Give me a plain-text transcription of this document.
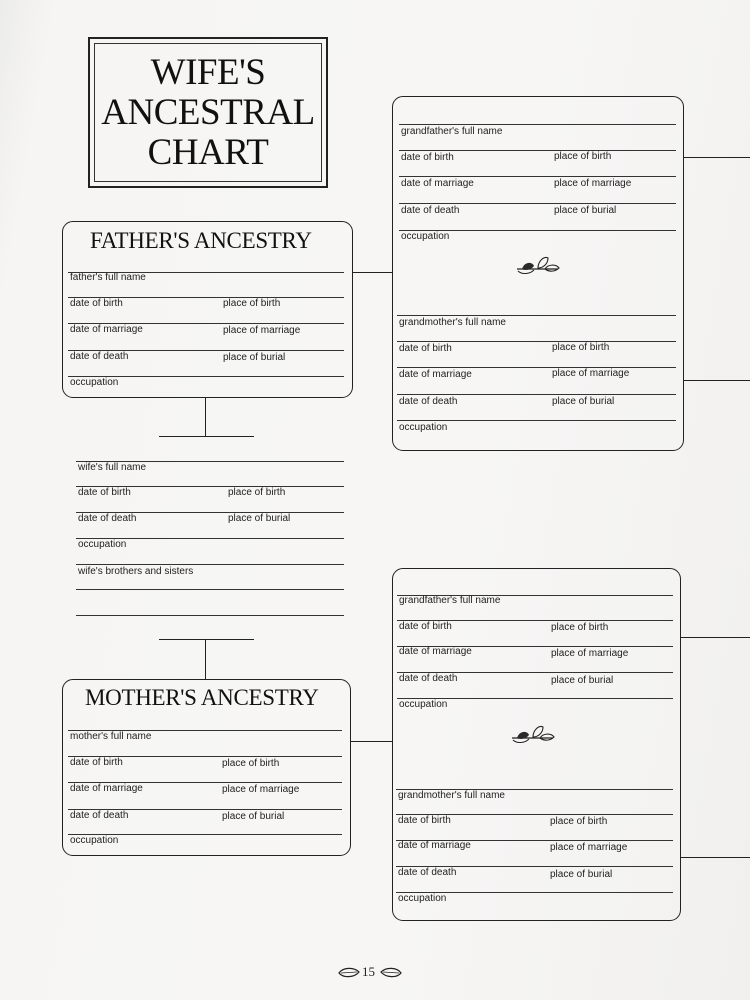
WIFE'S
ANCESTRAL
CHART
FATHER'S ANCESTRY
father's full name
date of birth	place of birth
date of marriage	place of marriage
date of death	place of burial
occupation
wife's full name
date of birth	place of birth
date of death	place of burial
occupation
wife's brothers and sisters
MOTHER'S ANCESTRY
mother's full name
date of birth	place of birth
date of marriage	place of marriage
date of death	place of burial
occupation
grandfather's full name
date of birth	place of birth
date of marriage	place of marriage
date of death	place of burial
occupation
grandmother's full name
date of birth	place of birth
date of marriage	place of marriage
date of death	place of burial
occupation
grandfather's full name
date of birth	place of birth
date of marriage	place of marriage
date of death	place of burial
occupation
grandmother's full name
date of birth	place of birth
date of marriage	place of marriage
date of death	place of burial
occupation
15
